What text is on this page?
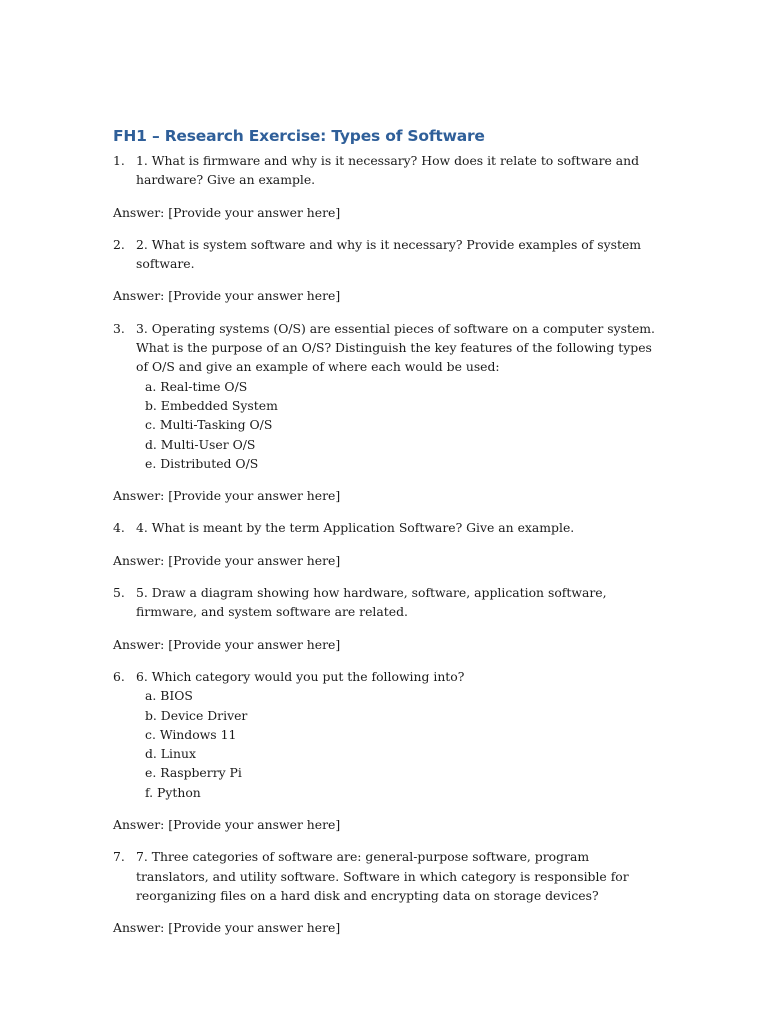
FH1 – Research Exercise: Types of Software
1. 1. What is firmware and why is it necessary? How does it relate to software and hardware? Give an example.

Answer: [Provide your answer here]

2. 2. What is system software and why is it necessary? Provide examples of system software.

Answer: [Provide your answer here]

3. 3. Operating systems (O/S) are essential pieces of software on a computer system. What is the purpose of an O/S? Distinguish the key features of the following types of O/S and give an example of where each would be used:
a. Real-time O/S
b. Embedded System
c. Multi-Tasking O/S
d. Multi-User O/S
e. Distributed O/S

Answer: [Provide your answer here]

4. 4. What is meant by the term Application Software? Give an example.

Answer: [Provide your answer here]

5. 5. Draw a diagram showing how hardware, software, application software, firmware, and system software are related.

Answer: [Provide your answer here]

6. 6. Which category would you put the following into?
a. BIOS
b. Device Driver
c. Windows 11
d. Linux
e. Raspberry Pi
f. Python

Answer: [Provide your answer here]

7. 7. Three categories of software are: general-purpose software, program translators, and utility software. Software in which category is responsible for reorganizing files on a hard disk and encrypting data on storage devices?

Answer: [Provide your answer here]
